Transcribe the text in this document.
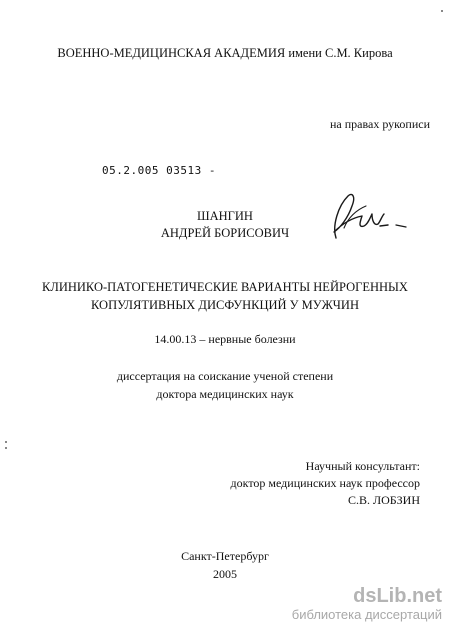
ВОЕННО-МЕДИЦИНСКАЯ АКАДЕМИЯ имени С.М. Кирова
на правах рукописи
05.2.005 03513 -
ШАНГИН
АНДРЕЙ БОРИСОВИЧ
КЛИНИКО-ПАТОГЕНЕТИЧЕСКИЕ ВАРИАНТЫ НЕЙРОГЕННЫХ
КОПУЛЯТИВНЫХ ДИСФУНКЦИЙ У МУЖЧИН
14.00.13 – нервные болезни
диссертация на соискание ученой степени
доктора медицинских наук
Научный консультант:
доктор медицинских наук профессор
С.В. ЛОБЗИН
Санкт-Петербург
2005
dsLib.net
библиотека диссертаций
